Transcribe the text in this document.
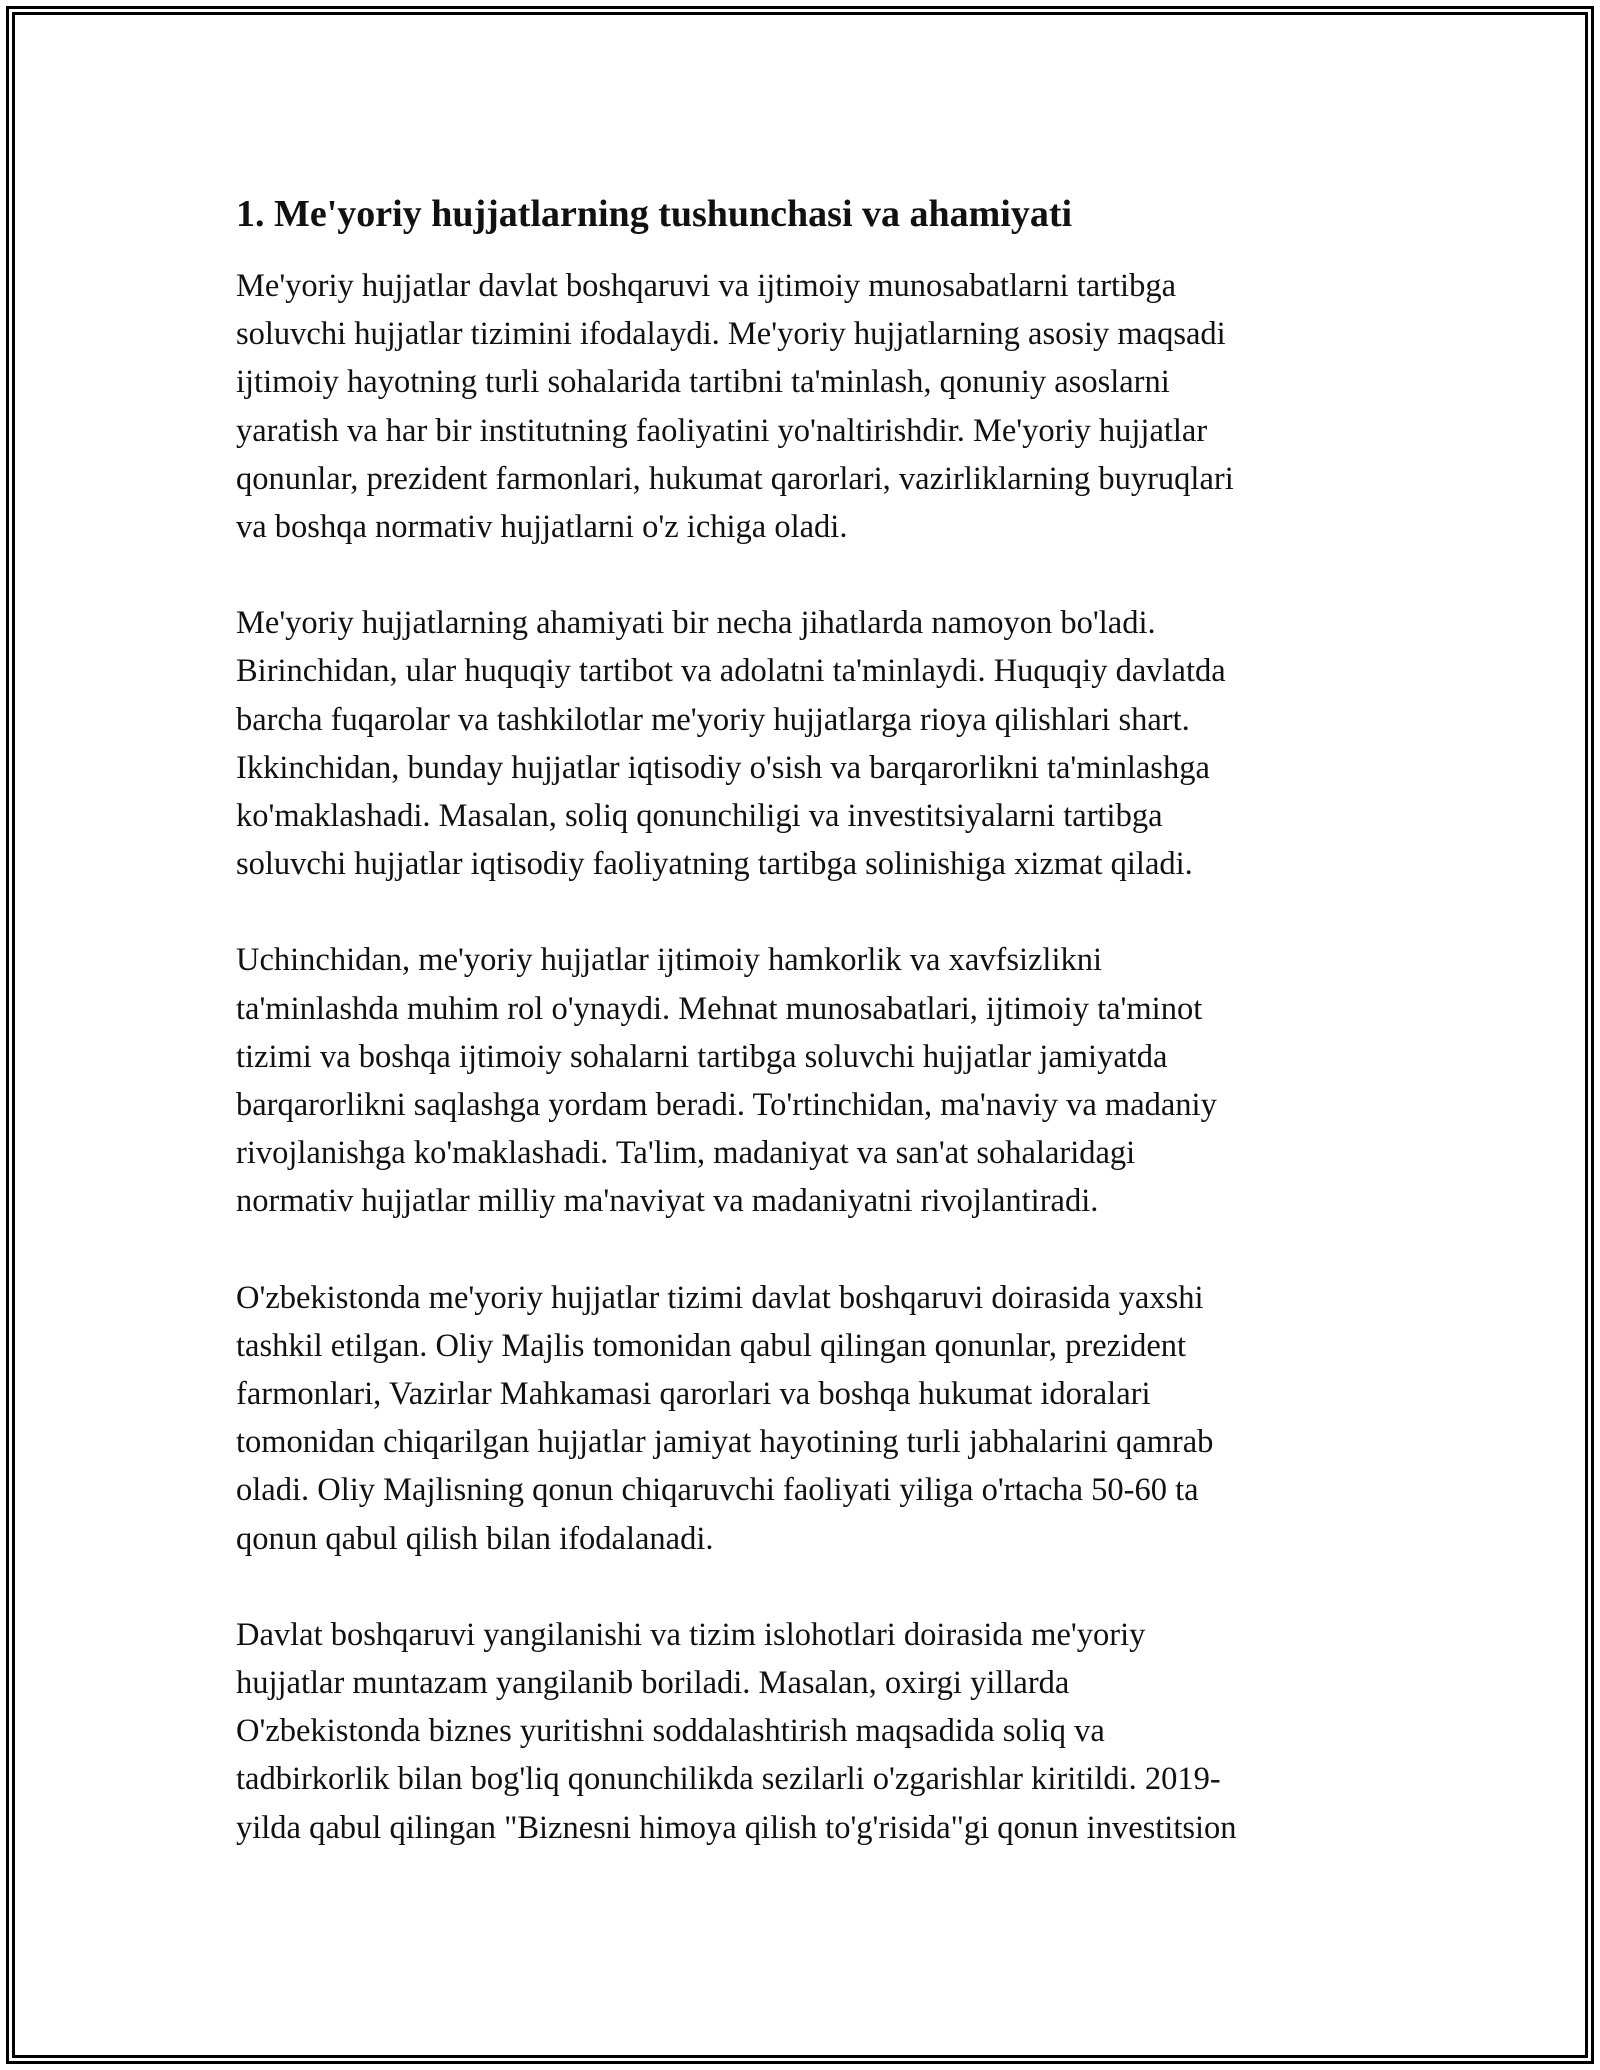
1. Me'yoriy hujjatlarning tushunchasi va ahamiyati

Me'yoriy hujjatlar davlat boshqaruvi va ijtimoiy munosabatlarni tartibga
soluvchi hujjatlar tizimini ifodalaydi. Me'yoriy hujjatlarning asosiy maqsadi
ijtimoiy hayotning turli sohalarida tartibni ta'minlash, qonuniy asoslarni
yaratish va har bir institutning faoliyatini yo'naltirishdir. Me'yoriy hujjatlar
qonunlar, prezident farmonlari, hukumat qarorlari, vazirliklarning buyruqlari
va boshqa normativ hujjatlarni o'z ichiga oladi.

Me'yoriy hujjatlarning ahamiyati bir necha jihatlarda namoyon bo'ladi.
Birinchidan, ular huquqiy tartibot va adolatni ta'minlaydi. Huquqiy davlatda
barcha fuqarolar va tashkilotlar me'yoriy hujjatlarga rioya qilishlari shart.
Ikkinchidan, bunday hujjatlar iqtisodiy o'sish va barqarorlikni ta'minlashga
ko'maklashadi. Masalan, soliq qonunchiligi va investitsiyalarni tartibga
soluvchi hujjatlar iqtisodiy faoliyatning tartibga solinishiga xizmat qiladi.

Uchinchidan, me'yoriy hujjatlar ijtimoiy hamkorlik va xavfsizlikni
ta'minlashda muhim rol o'ynaydi. Mehnat munosabatlari, ijtimoiy ta'minot
tizimi va boshqa ijtimoiy sohalarni tartibga soluvchi hujjatlar jamiyatda
barqarorlikni saqlashga yordam beradi. To'rtinchidan, ma'naviy va madaniy
rivojlanishga ko'maklashadi. Ta'lim, madaniyat va san'at sohalaridagi
normativ hujjatlar milliy ma'naviyat va madaniyatni rivojlantiradi.

O'zbekistonda me'yoriy hujjatlar tizimi davlat boshqaruvi doirasida yaxshi
tashkil etilgan. Oliy Majlis tomonidan qabul qilingan qonunlar, prezident
farmonlari, Vazirlar Mahkamasi qarorlari va boshqa hukumat idoralari
tomonidan chiqarilgan hujjatlar jamiyat hayotining turli jabhalarini qamrab
oladi. Oliy Majlisning qonun chiqaruvchi faoliyati yiliga o'rtacha 50-60 ta
qonun qabul qilish bilan ifodalanadi.

Davlat boshqaruvi yangilanishi va tizim islohotlari doirasida me'yoriy
hujjatlar muntazam yangilanib boriladi. Masalan, oxirgi yillarda
O'zbekistonda biznes yuritishni soddalashtirish maqsadida soliq va
tadbirkorlik bilan bog'liq qonunchilikda sezilarli o'zgarishlar kiritildi. 2019-
yilda qabul qilingan "Biznesni himoya qilish to'g'risida"gi qonun investitsion
